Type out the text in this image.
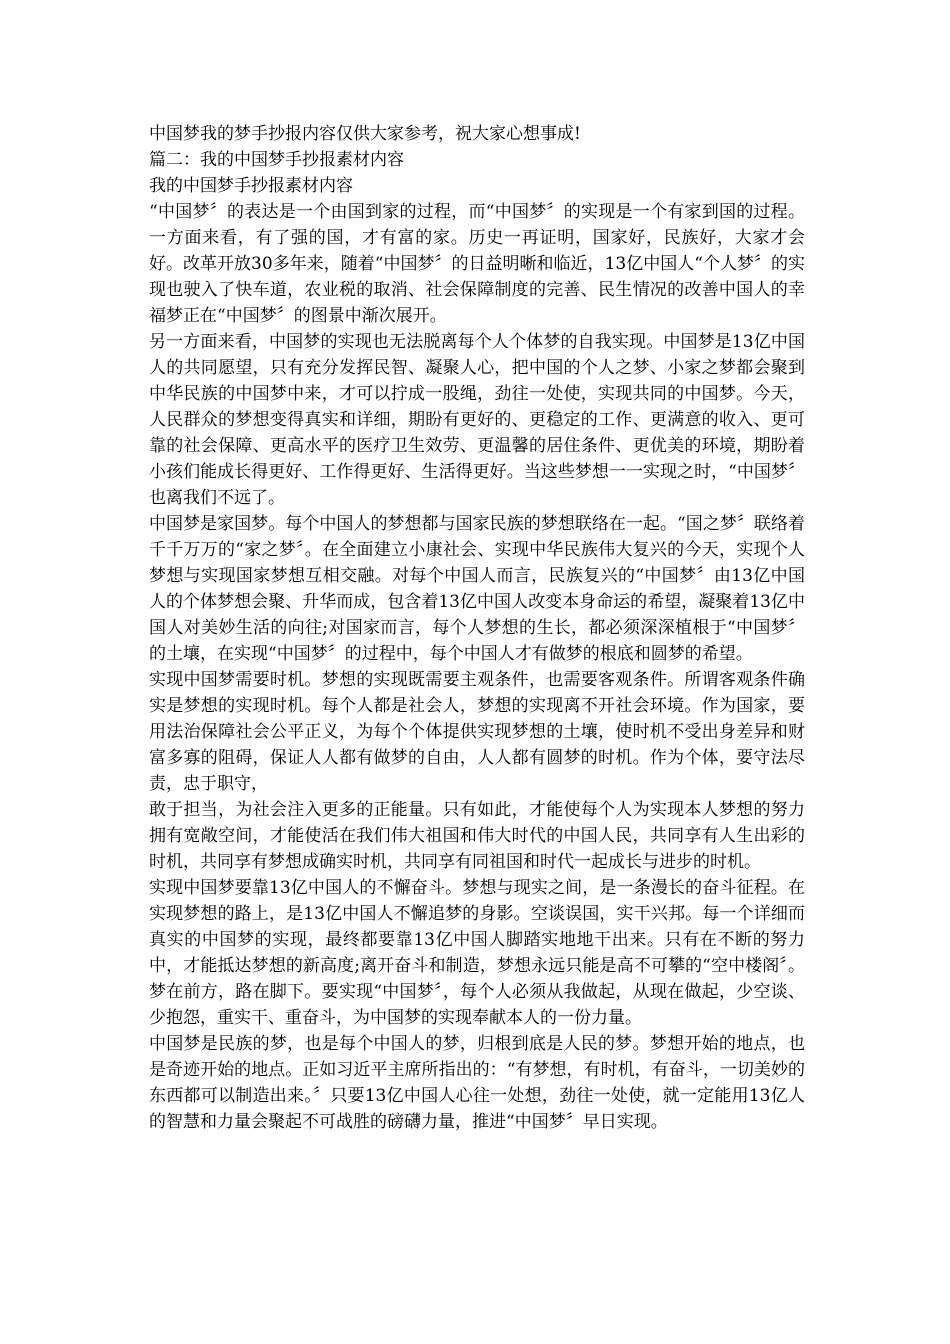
中国梦我的梦手抄报内容仅供大家参考，祝大家心想事成!

篇二：我的中国梦手抄报素材内容

我的中国梦手抄报素材内容

“中国梦〞的表达是一个由国到家的过程，而“中国梦〞的实现是一个有家到国的过程。一方面来看，有了强的国，才有富的家。历史一再证明，国家好，民族好，大家才会好。改革开放30多年来，随着“中国梦〞的日益明晰和临近，13亿中国人“个人梦〞的实现也驶入了快车道，农业税的取消、社会保障制度的完善、民生情况的改善中国人的幸福梦正在“中国梦〞的图景中渐次展开。

另一方面来看，中国梦的实现也无法脱离每个人个体梦的自我实现。中国梦是13亿中国人的共同愿望，只有充分发挥民智、凝聚人心，把中国的个人之梦、小家之梦都会聚到中华民族的中国梦中来，才可以拧成一股绳，劲往一处使，实现共同的中国梦。今天，人民群众的梦想变得真实和详细，期盼有更好的、更稳定的工作、更满意的收入、更可靠的社会保障、更高水平的医疗卫生效劳、更温馨的居住条件、更优美的环境，期盼着小孩们能成长得更好、工作得更好、生活得更好。当这些梦想一一实现之时，“中国梦〞也离我们不远了。

中国梦是家国梦。每个中国人的梦想都与国家民族的梦想联络在一起。“国之梦〞联络着千千万万的“家之梦〞。在全面建立小康社会、实现中华民族伟大复兴的今天，实现个人梦想与实现国家梦想互相交融。对每个中国人而言，民族复兴的“中国梦〞由13亿中国人的个体梦想会聚、升华而成，包含着13亿中国人改变本身命运的希望，凝聚着13亿中国人对美妙生活的向往;对国家而言，每个人梦想的生长，都必须深深植根于“中国梦〞的土壤，在实现“中国梦〞的过程中，每个中国人才有做梦的根底和圆梦的希望。

实现中国梦需要时机。梦想的实现既需要主观条件，也需要客观条件。所谓客观条件确实是梦想的实现时机。每个人都是社会人，梦想的实现离不开社会环境。作为国家，要用法治保障社会公平正义，为每个个体提供实现梦想的土壤，使时机不受出身差异和财富多寡的阻碍，保证人人都有做梦的自由，人人都有圆梦的时机。作为个体，要守法尽责，忠于职守，

敢于担当，为社会注入更多的正能量。只有如此，才能使每个人为实现本人梦想的努力拥有宽敞空间，才能使活在我们伟大祖国和伟大时代的中国人民，共同享有人生出彩的时机，共同享有梦想成确实时机，共同享有同祖国和时代一起成长与进步的时机。

实现中国梦要靠13亿中国人的不懈奋斗。梦想与现实之间，是一条漫长的奋斗征程。在实现梦想的路上，是13亿中国人不懈追梦的身影。空谈误国，实干兴邦。每一个详细而真实的中国梦的实现，最终都要靠13亿中国人脚踏实地地干出来。只有在不断的努力中，才能抵达梦想的新高度;离开奋斗和制造，梦想永远只能是高不可攀的“空中楼阁〞。梦在前方，路在脚下。要实现“中国梦〞，每个人必须从我做起，从现在做起，少空谈、少抱怨，重实干、重奋斗，为中国梦的实现奉献本人的一份力量。

中国梦是民族的梦，也是每个中国人的梦，归根到底是人民的梦。梦想开始的地点，也是奇迹开始的地点。正如习近平主席所指出的：“有梦想，有时机，有奋斗，一切美妙的东西都可以制造出来。〞只要13亿中国人心往一处想，劲往一处使，就一定能用13亿人的智慧和力量会聚起不可战胜的磅礴力量，推进“中国梦〞早日实现。
